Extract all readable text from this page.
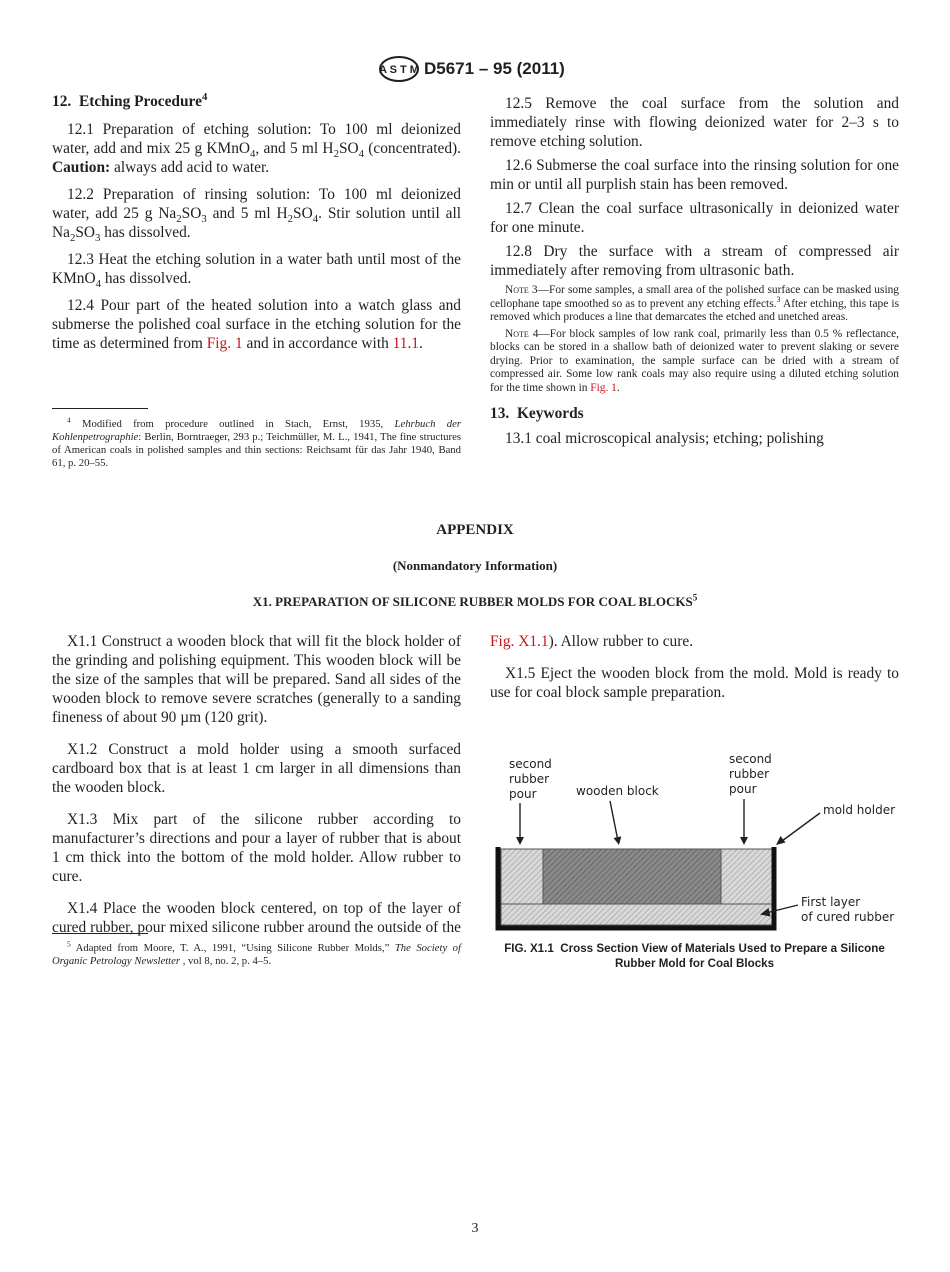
A S T M D5671 – 95 (2011)

12. Etching Procedure$^4$

12.1 Preparation of etching solution: To 100 ml deionized water, add and mix 25 g KMnO$_4$, and 5 ml $H_2SO_4$ (concentrated). Caution: always add acid to water.

12.2 Preparation of rinsing solution: To 100 ml deionized water, add 25 g $Na_2SO_3$ and 5 ml $H_2SO_4$. Stir solution until all $Na_2SO_3$ has dissolved.

12.3 Heat the etching solution in a water bath until most of the KMnO$_4$ has dissolved.

12.4 Pour part of the heated solution into a watch glass and submerse the polished coal surface in the etching solution for the time as determined from Fig. 1 and in accordance with 11.1.

$^4$ Modified from procedure outlined in Stach, Ernst, 1935, Lehrbuch der Kohlenpetrographie: Berlin, Borntraeger, 293 p.; Teichmüller, M. L., 1941, The fine structures of American coals in polished samples and thin sections: Reichsamt für das Jahr 1940, Band 61, p. 20–55.

12.5 Remove the coal surface from the solution and immediately rinse with flowing deionized water for 2–3 s to remove etching solution.

12.6 Submerse the coal surface into the rinsing solution for one min or until all purplish stain has been removed.

12.7 Clean the coal surface ultrasonically in deionized water for one minute.

12.8 Dry the surface with a stream of compressed air immediately after removing from ultrasonic bath.

Note 3—For some samples, a small area of the polished surface can be masked using cellophane tape smoothed so as to prevent any etching effects.$^3$ After etching, this tape is removed which produces a line that demarcates the etched and unetched areas.

Note 4—For block samples of low rank coal, primarily less than 0.5 % reflectance, blocks can be stored in a shallow bath of deionized water to prevent slaking or severe drying. Prior to examination, the sample surface can be dried with a stream of compressed air. Some low rank coals may also require using a diluted etching solution for the time shown in Fig. 1.

13. Keywords

13.1 coal microscopical analysis; etching; polishing

APPENDIX
(Nonmandatory Information)
X1. PREPARATION OF SILICONE RUBBER MOLDS FOR COAL BLOCKS$^5$

X1.1 Construct a wooden block that will fit the block holder of the grinding and polishing equipment. This wooden block will be the size of the samples that will be prepared. Sand all sides of the wooden block to remove severe scratches (generally to a sanding fineness of about 90 µm (120 grit).

X1.2 Construct a mold holder using a smooth surfaced cardboard box that is at least 1 cm larger in all dimensions than the wooden block.

X1.3 Mix part of the silicone rubber according to manufacturer’s directions and pour a layer of rubber that is about 1 cm thick into the bottom of the mold holder. Allow rubber to cure.

X1.4 Place the wooden block centered, on top of the layer of cured rubber, pour mixed silicone rubber around the outside of the

$^5$ Adapted from Moore, T. A., 1991, “Using Silicone Rubber Molds,” The Society of Organic Petrology Newsletter , vol 8, no. 2, p. 4–5.

Fig. X1.1). Allow rubber to cure.

X1.5 Eject the wooden block from the mold. Mold is ready to use for coal block sample preparation.

second
rubber
pour	wooden block
second
rubber
pour
mold holder
First layer
of cured rubber
FIG. X1.1 Cross Section View of Materials Used to Prepare a Silicone Rubber Mold for Coal Blocks
3
